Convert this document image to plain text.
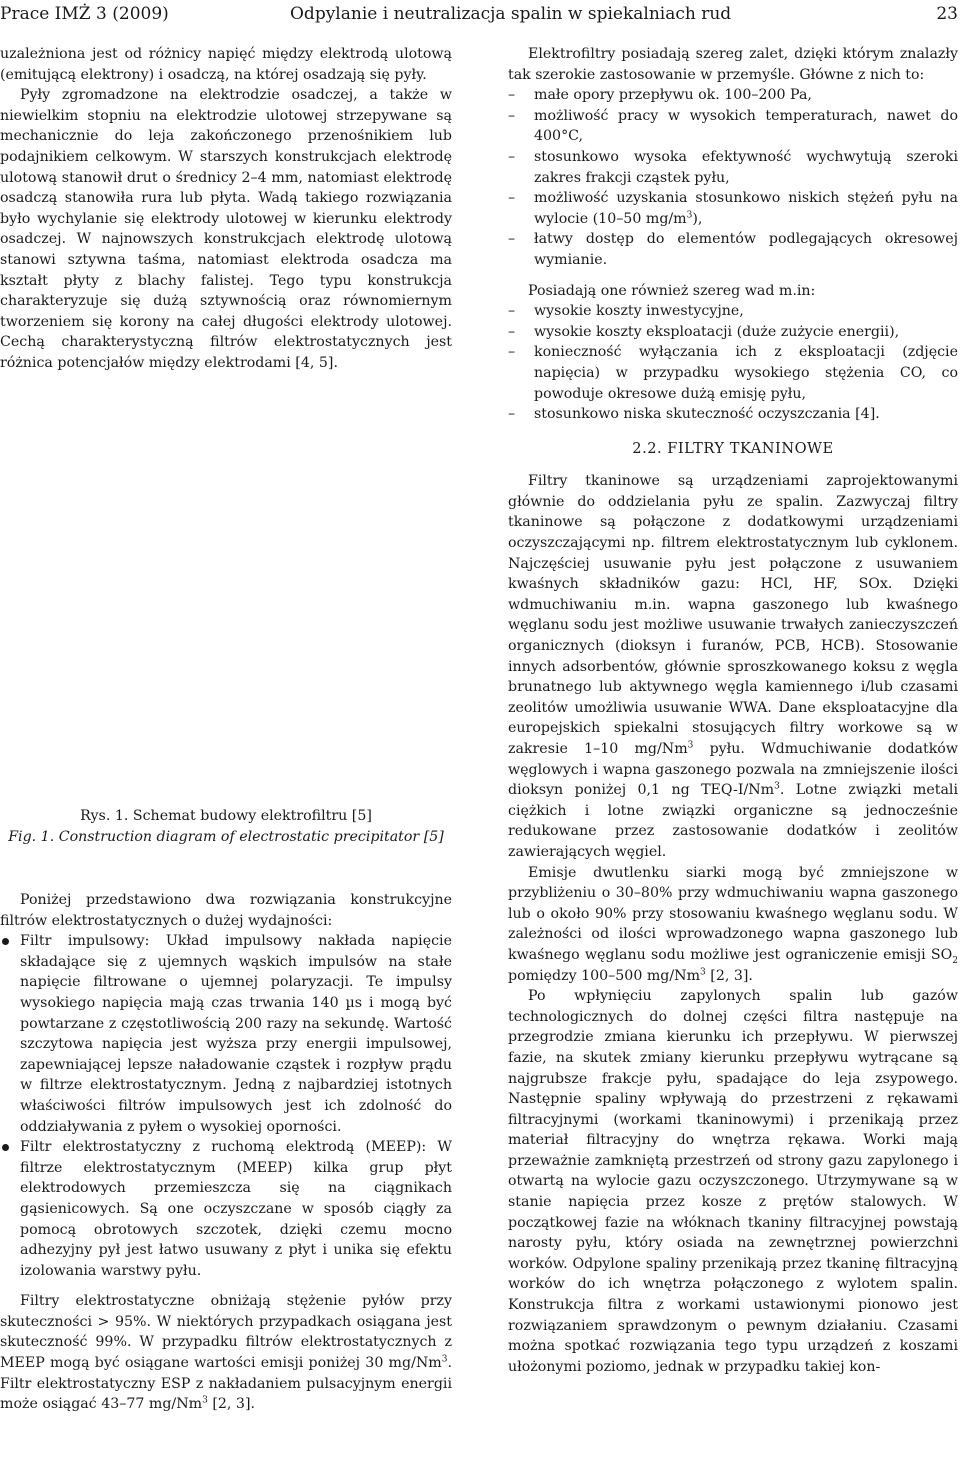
Prace IMŻ 3 (2009)	Odpylanie i neutralizacja spalin w spiekalniach rud	23

uzależniona jest od różnicy napięć między elektrodą ulotową (emitującą elektrony) i osadczą, na której osadzają się pyły.

Pyły zgromadzone na elektrodzie osadczej, a także w niewielkim stopniu na elektrodzie ulotowej strzepywane są mechanicznie do leja zakończonego przenośnikiem lub podajnikiem celkowym. W starszych konstrukcjach elektrodę ulotową stanowił drut o średnicy 2–4 mm, natomiast elektrodę osadczą stanowiła rura lub płyta. Wadą takiego rozwiązania było wychylanie się elektrody ulotowej w kierunku elektrody osadczej. W najnowszych konstrukcjach elektrodę ulotową stanowi sztywna taśma, natomiast elektroda osadcza ma kształt płyty z blachy falistej. Tego typu konstrukcja charakteryzuje się dużą sztywnością oraz równomiernym tworzeniem się korony na całej długości elektrody ulotowej. Cechą charakterystyczną filtrów elektrostatycznych jest różnica potencjałów między elektrodami [4, 5].

Rys. 1. Schemat budowy elektrofiltru [5]
Fig. 1. Construction diagram of electrostatic precipitator [5]

Poniżej przedstawiono dwa rozwiązania konstrukcyjne filtrów elektrostatycznych o dużej wydajności:

Filtr impulsowy: Układ impulsowy nakłada napięcie składające się z ujemnych wąskich impulsów na stałe napięcie filtrowane o ujemnej polaryzacji. Te impulsy wysokiego napięcia mają czas trwania 140 µs i mogą być powtarzane z częstotliwością 200 razy na sekundę. Wartość szczytowa napięcia jest wyższa przy energii impulsowej, zapewniającej lepsze naładowanie cząstek i rozpływ prądu w filtrze elektrostatycznym. Jedną z najbardziej istotnych właściwości filtrów impulsowych jest ich zdolność do oddziaływania z pyłem o wysokiej oporności.
Filtr elektrostatyczny z ruchomą elektrodą (MEEP): W filtrze elektrostatycznym (MEEP) kilka grup płyt elektrodowych przemieszcza się na ciągnikach gąsienicowych. Są one oczyszczane w sposób ciągły za pomocą obrotowych szczotek, dzięki czemu mocno adhezyjny pył jest łatwo usuwany z płyt i unika się efektu izolowania warstwy pyłu.

Filtry elektrostatyczne obniżają stężenie pyłów przy skuteczności > 95%. W niektórych przypadkach osiągana jest skuteczność 99%. W przypadku filtrów elektrostatycznych z MEEP mogą być osiągane wartości emisji poniżej 30 mg/Nm$^3$. Filtr elektrostatyczny ESP z nakładaniem pulsacyjnym energii może osiągać 43–77 mg/Nm$^3$ [2, 3].

Elektrofiltry posiadają szereg zalet, dzięki którym znalazły tak szerokie zastosowanie w przemyśle. Główne z nich to:

– małe opory przepływu ok. 100–200 Pa,
– możliwość pracy w wysokich temperaturach, nawet do 400°C,
– stosunkowo wysoka efektywność wychwytują szeroki zakres frakcji cząstek pyłu,
– możliwość uzyskania stosunkowo niskich stężeń pyłu na wylocie (10–50 $mg/m^3$),
– łatwy dostęp do elementów podlegających okresowej wymianie.

Posiadają one również szereg wad m.in:

– wysokie koszty inwestycyjne,
– wysokie koszty eksploatacji (duże zużycie energii),
– konieczność wyłączania ich z eksploatacji (zdjęcie napięcia) w przypadku wysokiego stężenia CO, co powoduje okresowe dużą emisję pyłu,
– stosunkowo niska skuteczność oczyszczania [4].
2.2. FILTRY TKANINOWE

Filtry tkaninowe są urządzeniami zaprojektowanymi głównie do oddzielania pyłu ze spalin. Zazwyczaj filtry tkaninowe są połączone z dodatkowymi urządzeniami oczyszczającymi np. filtrem elektrostatycznym lub cyklonem. Najczęściej usuwanie pyłu jest połączone z usuwaniem kwaśnych składników gazu: HCl, HF, SOx. Dzięki wdmuchiwaniu m.in. wapna gaszonego lub kwaśnego węglanu sodu jest możliwe usuwanie trwałych zanieczyszczeń organicznych (dioksyn i furanów, PCB, HCB). Stosowanie innych adsorbentów, głównie sproszkowanego koksu z węgla brunatnego lub aktywnego węgla kamiennego i/lub czasami zeolitów umożliwia usuwanie WWA. Dane eksploatacyjne dla europejskich spiekalni stosujących filtry workowe są w zakresie 1–10 mg/Nm$^3$ pyłu. Wdmuchiwanie dodatków węglowych i wapna gaszonego pozwala na zmniejszenie ilości dioksyn poniżej 0,1 ng TEQ-I/Nm$^3$. Lotne związki metali ciężkich i lotne związki organiczne są jednocześnie redukowane przez zastosowanie dodatków i zeolitów zawierających węgiel.

Emisje dwutlenku siarki mogą być zmniejszone w przybliżeniu o 30–80% przy wdmuchiwaniu wapna gaszonego lub o około 90% przy stosowaniu kwaśnego węglanu sodu. W zależności od ilości wprowadzonego wapna gaszonego lub kwaśnego węglanu sodu możliwe jest ograniczenie emisji $SO_2$ pomiędzy 100–500 mg/Nm$^3$ [2, 3].

Po wpłynięciu zapylonych spalin lub gazów technologicznych do dolnej części filtra następuje na przegrodzie zmiana kierunku ich przepływu. W pierwszej fazie, na skutek zmiany kierunku przepływu wytrącane są najgrubsze frakcje pyłu, spadające do leja zsypowego. Następnie spaliny wpływają do przestrzeni z rękawami filtracyjnymi (workami tkaninowymi) i przenikają przez materiał filtracyjny do wnętrza rękawa. Worki mają przeważnie zamkniętą przestrzeń od strony gazu zapylonego i otwartą na wylocie gazu oczyszczonego. Utrzymywane są w stanie napięcia przez kosze z prętów stalowych. W początkowej fazie na włóknach tkaniny filtracyjnej powstają narosty pyłu, który osiada na zewnętrznej powierzchni worków. Odpylone spaliny przenikają przez tkaninę filtracyjną worków do ich wnętrza połączonego z wylotem spalin. Konstrukcja filtra z workami ustawionymi pionowo jest rozwiązaniem sprawdzonym o pewnym działaniu. Czasami można spotkać rozwiązania tego typu urządzeń z koszami ułożonymi poziomo, jednak w przypadku takiej kon-
